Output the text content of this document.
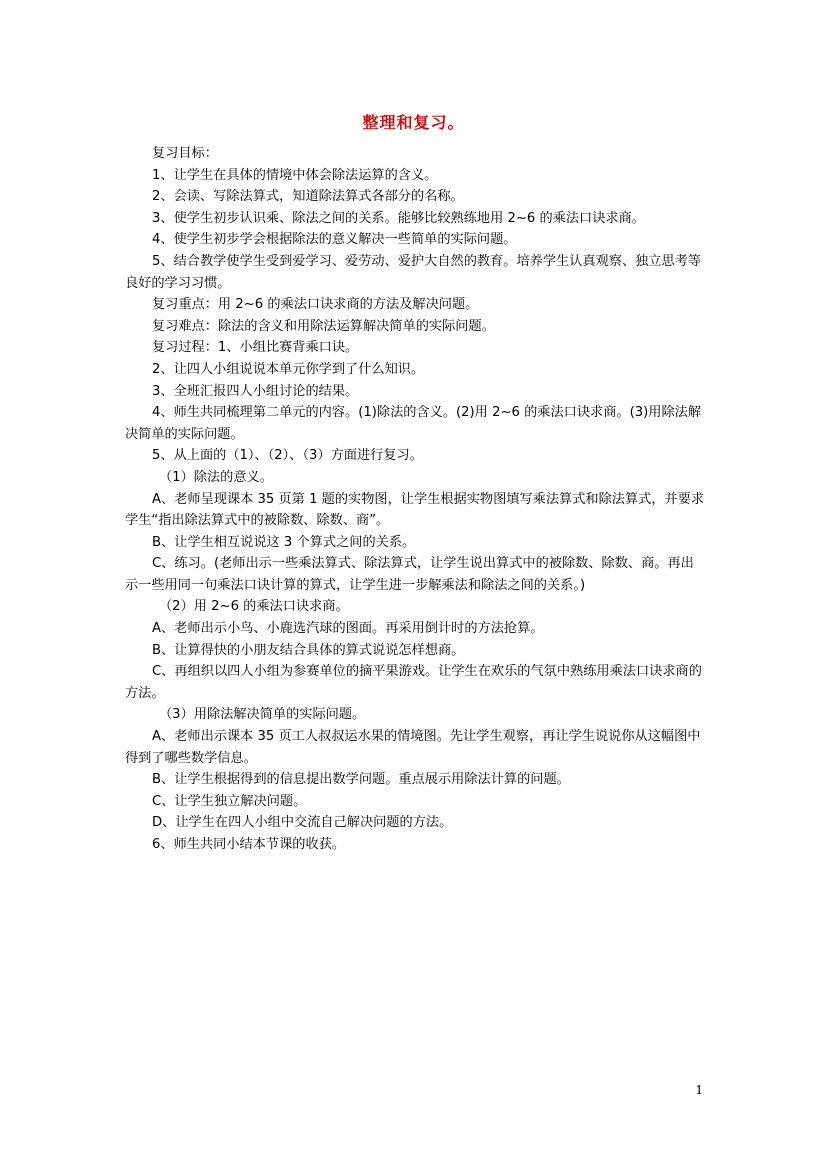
整理和复习。

复习目标：

1、让学生在具体的情境中体会除法运算的含义。

2、会读、写除法算式，知道除法算式各部分的名称。

3、使学生初步认识乘、除法之间的关系。能够比较熟练地用 2~6 的乘法口诀求商。

4、使学生初步学会根据除法的意义解决一些简单的实际问题。

5、结合教学使学生受到爱学习、爱劳动、爱护大自然的教育。培养学生认真观察、独立思考等良好的学习习惯。

复习重点：用 2~6 的乘法口诀求商的方法及解决问题。

复习难点：除法的含义和用除法运算解决简单的实际问题。

复习过程：1、小组比赛背乘口诀。

2、让四人小组说说本单元你学到了什么知识。

3、全班汇报四人小组讨论的结果。

4、师生共同梳理第二单元的内容。(1)除法的含义。(2)用 2~6 的乘法口诀求商。(3)用除法解决简单的实际问题。

5、从上面的（1）、（2）、（3）方面进行复习。

（1）除法的意义。

A、老师呈现课本 35 页第 1 题的实物图，让学生根据实物图填写乘法算式和除法算式，并要求学生“指出除法算式中的被除数、除数、商”。

B、让学生相互说说这 3 个算式之间的关系。

C、练习。(老师出示一些乘法算式、除法算式，让学生说出算式中的被除数、除数、商。再出示一些用同一句乘法口诀计算的算式，让学生进一步解乘法和除法之间的关系。)

（2）用 2~6 的乘法口诀求商。

A、老师出示小鸟、小鹿选汽球的图面。再采用倒计时的方法抢算。

B、让算得快的小朋友结合具体的算式说说怎样想商。

C、再组织以四人小组为参赛单位的摘平果游戏。让学生在欢乐的气氛中熟练用乘法口诀求商的方法。

（3）用除法解决简单的实际问题。

A、老师出示课本 35 页工人叔叔运水果的情境图。先让学生观察，再让学生说说你从这幅图中得到了哪些数学信息。

B、让学生根据得到的信息提出数学问题。重点展示用除法计算的问题。

C、让学生独立解决问题。

D、让学生在四人小组中交流自己解决问题的方法。

6、师生共同小结本节课的收获。

1
